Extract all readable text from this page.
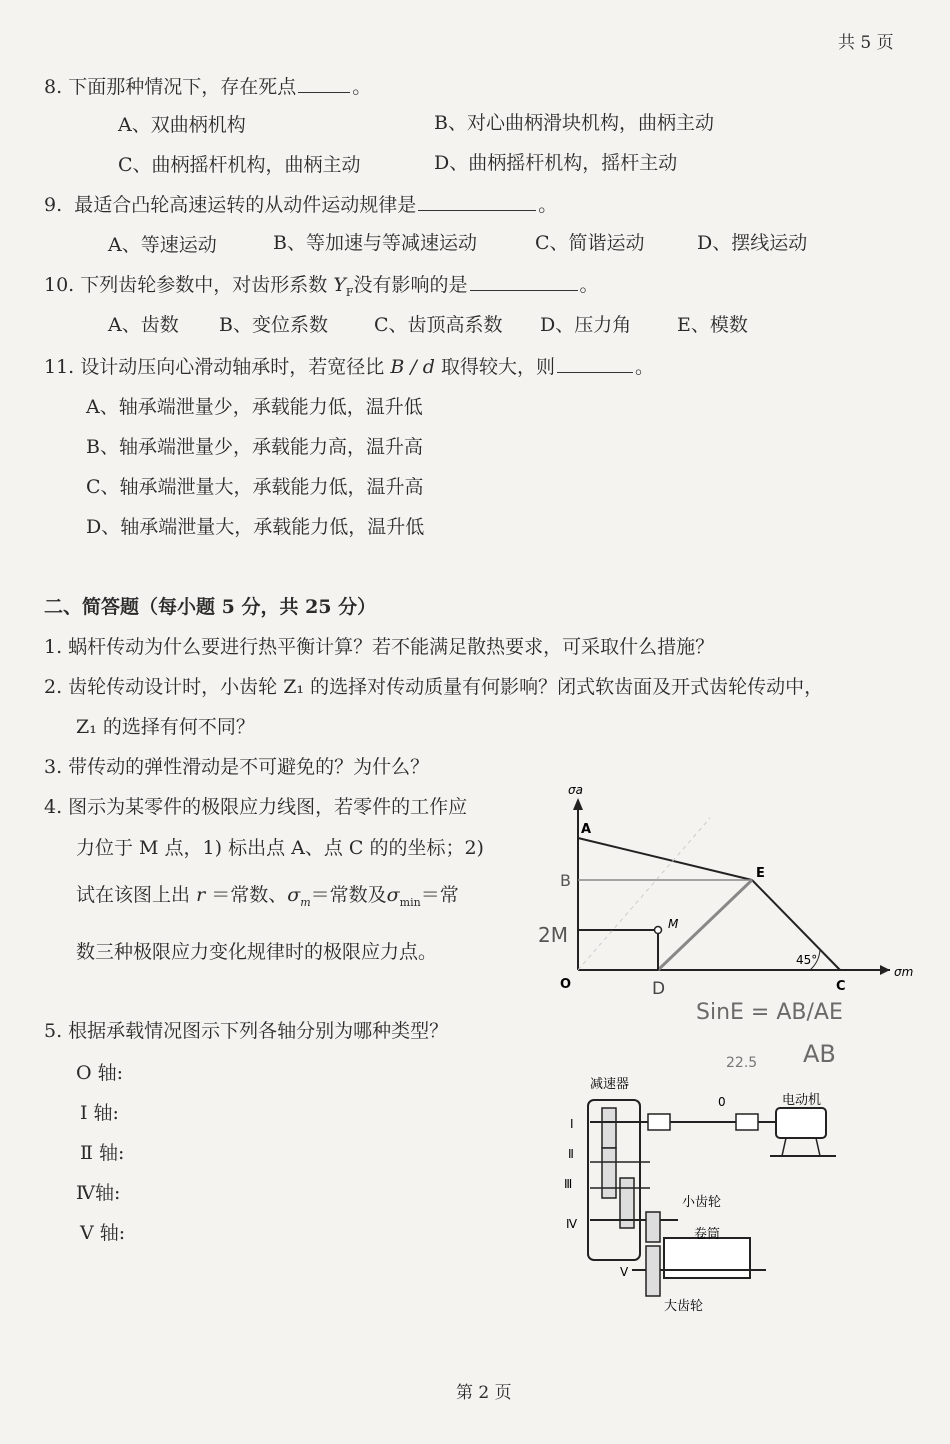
共 5 页
第 2 页
8. 下面那种情况下，存在死点	。
A、双曲柄机构	B、对心曲柄滑块机构，曲柄主动
C、曲柄摇杆机构，曲柄主动	D、曲柄摇杆机构，摇杆主动
9. 最适合凸轮高速运转的从动件运动规律是	。
A、等速运动	B、等加速与等减速运动	C、简谐运动	D、摆线运动
10. 下列齿轮参数中，对齿形系数 $Y_F$没有影响的是	。
A、齿数 B、变位系数 C、齿顶高系数 D、压力角 E、模数
11. 设计动压向心滑动轴承时，若宽径比 B / d 取得较大，则	。
A、轴承端泄量少，承载能力低，温升低
B、轴承端泄量少，承载能力高，温升高
C、轴承端泄量大，承载能力低，温升高
D、轴承端泄量大，承载能力低，温升低
二、简答题（每小题 5 分，共 25 分）
1. 蜗杆传动为什么要进行热平衡计算？若不能满足散热要求，可采取什么措施？
2. 齿轮传动设计时，小齿轮 Z₁ 的选择对传动质量有何影响？闭式软齿面及开式齿轮传动中，
Z₁ 的选择有何不同？
3. 带传动的弹性滑动是不可避免的？为什么？
4. 图示为某零件的极限应力线图，若零件的工作应
力位于 M 点，1) 标出点 A、点 C 的的坐标；2)
试在该图上出 r ＝常数、$\sigma_m=$常数及$\sigma_{min}=$常
数三种极限应力变化规律时的极限应力点。
5. 根据承载情况图示下列各轴分别为哪种类型？
O 轴:
Ⅰ 轴:
Ⅱ 轴:
Ⅳ轴:
Ⅴ 轴:
σa
σm
A
B	E
M
O	D	C
45°
2M
SinE = AB/AE
22.5 AB
减速器
电动机
0
Ⅰ
Ⅱ
Ⅲ
Ⅳ
Ⅴ
小齿轮
卷筒
大齿轮
